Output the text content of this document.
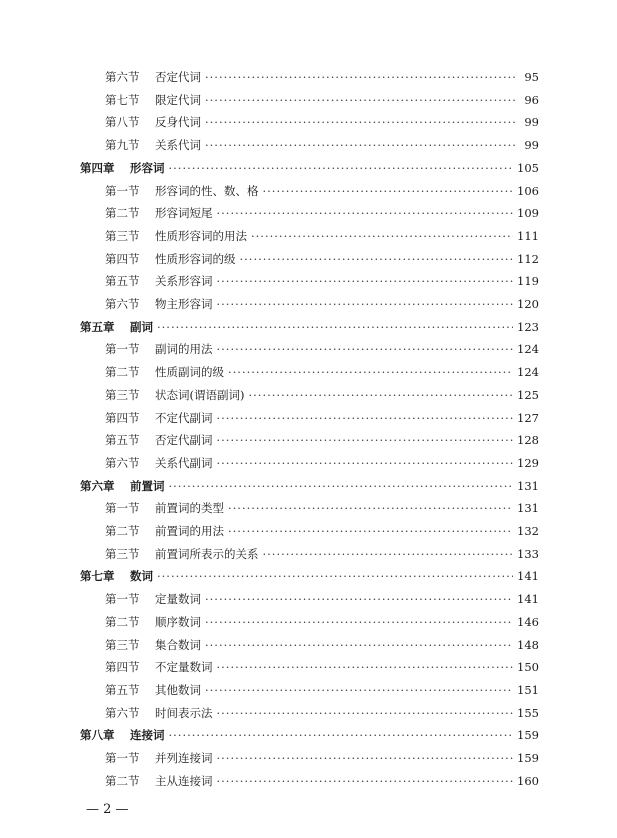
第六节	否定代词 ·····	95
第七节	限定代词 ·····	96
第八节	反身代词 ·····	99
第九节	关系代词 ·····	99
第四章	形容词 ·····	105
第一节	形容词的性、数、格 ·····	106
第二节	形容词短尾 ·····	109
第三节	性质形容词的用法 ·····	111
第四节	性质形容词的级 ·····	112
第五节	关系形容词 ·····	119
第六节	物主形容词 ·····	120
第五章	副词 ·····	123
第一节	副词的用法 ·····	124
第二节	性质副词的级 ·····	124
第三节	状态词(谓语副词) ·····	125
第四节	不定代副词 ·····	127
第五节	否定代副词 ·····	128
第六节	关系代副词 ·····	129
第六章	前置词 ·····	131
第一节	前置词的类型 ·····	131
第二节	前置词的用法 ·····	132
第三节	前置词所表示的关系 ·····	133
第七章	数词 ·····	141
第一节	定量数词 ·····	141
第二节	顺序数词 ·····	146
第三节	集合数词 ·····	148
第四节	不定量数词 ·····	150
第五节	其他数词 ·····	151
第六节	时间表示法 ·····	155
第八章	连接词 ·····	159
第一节	并列连接词 ·····	159
第二节	主从连接词 ·····	160
— 2 —
